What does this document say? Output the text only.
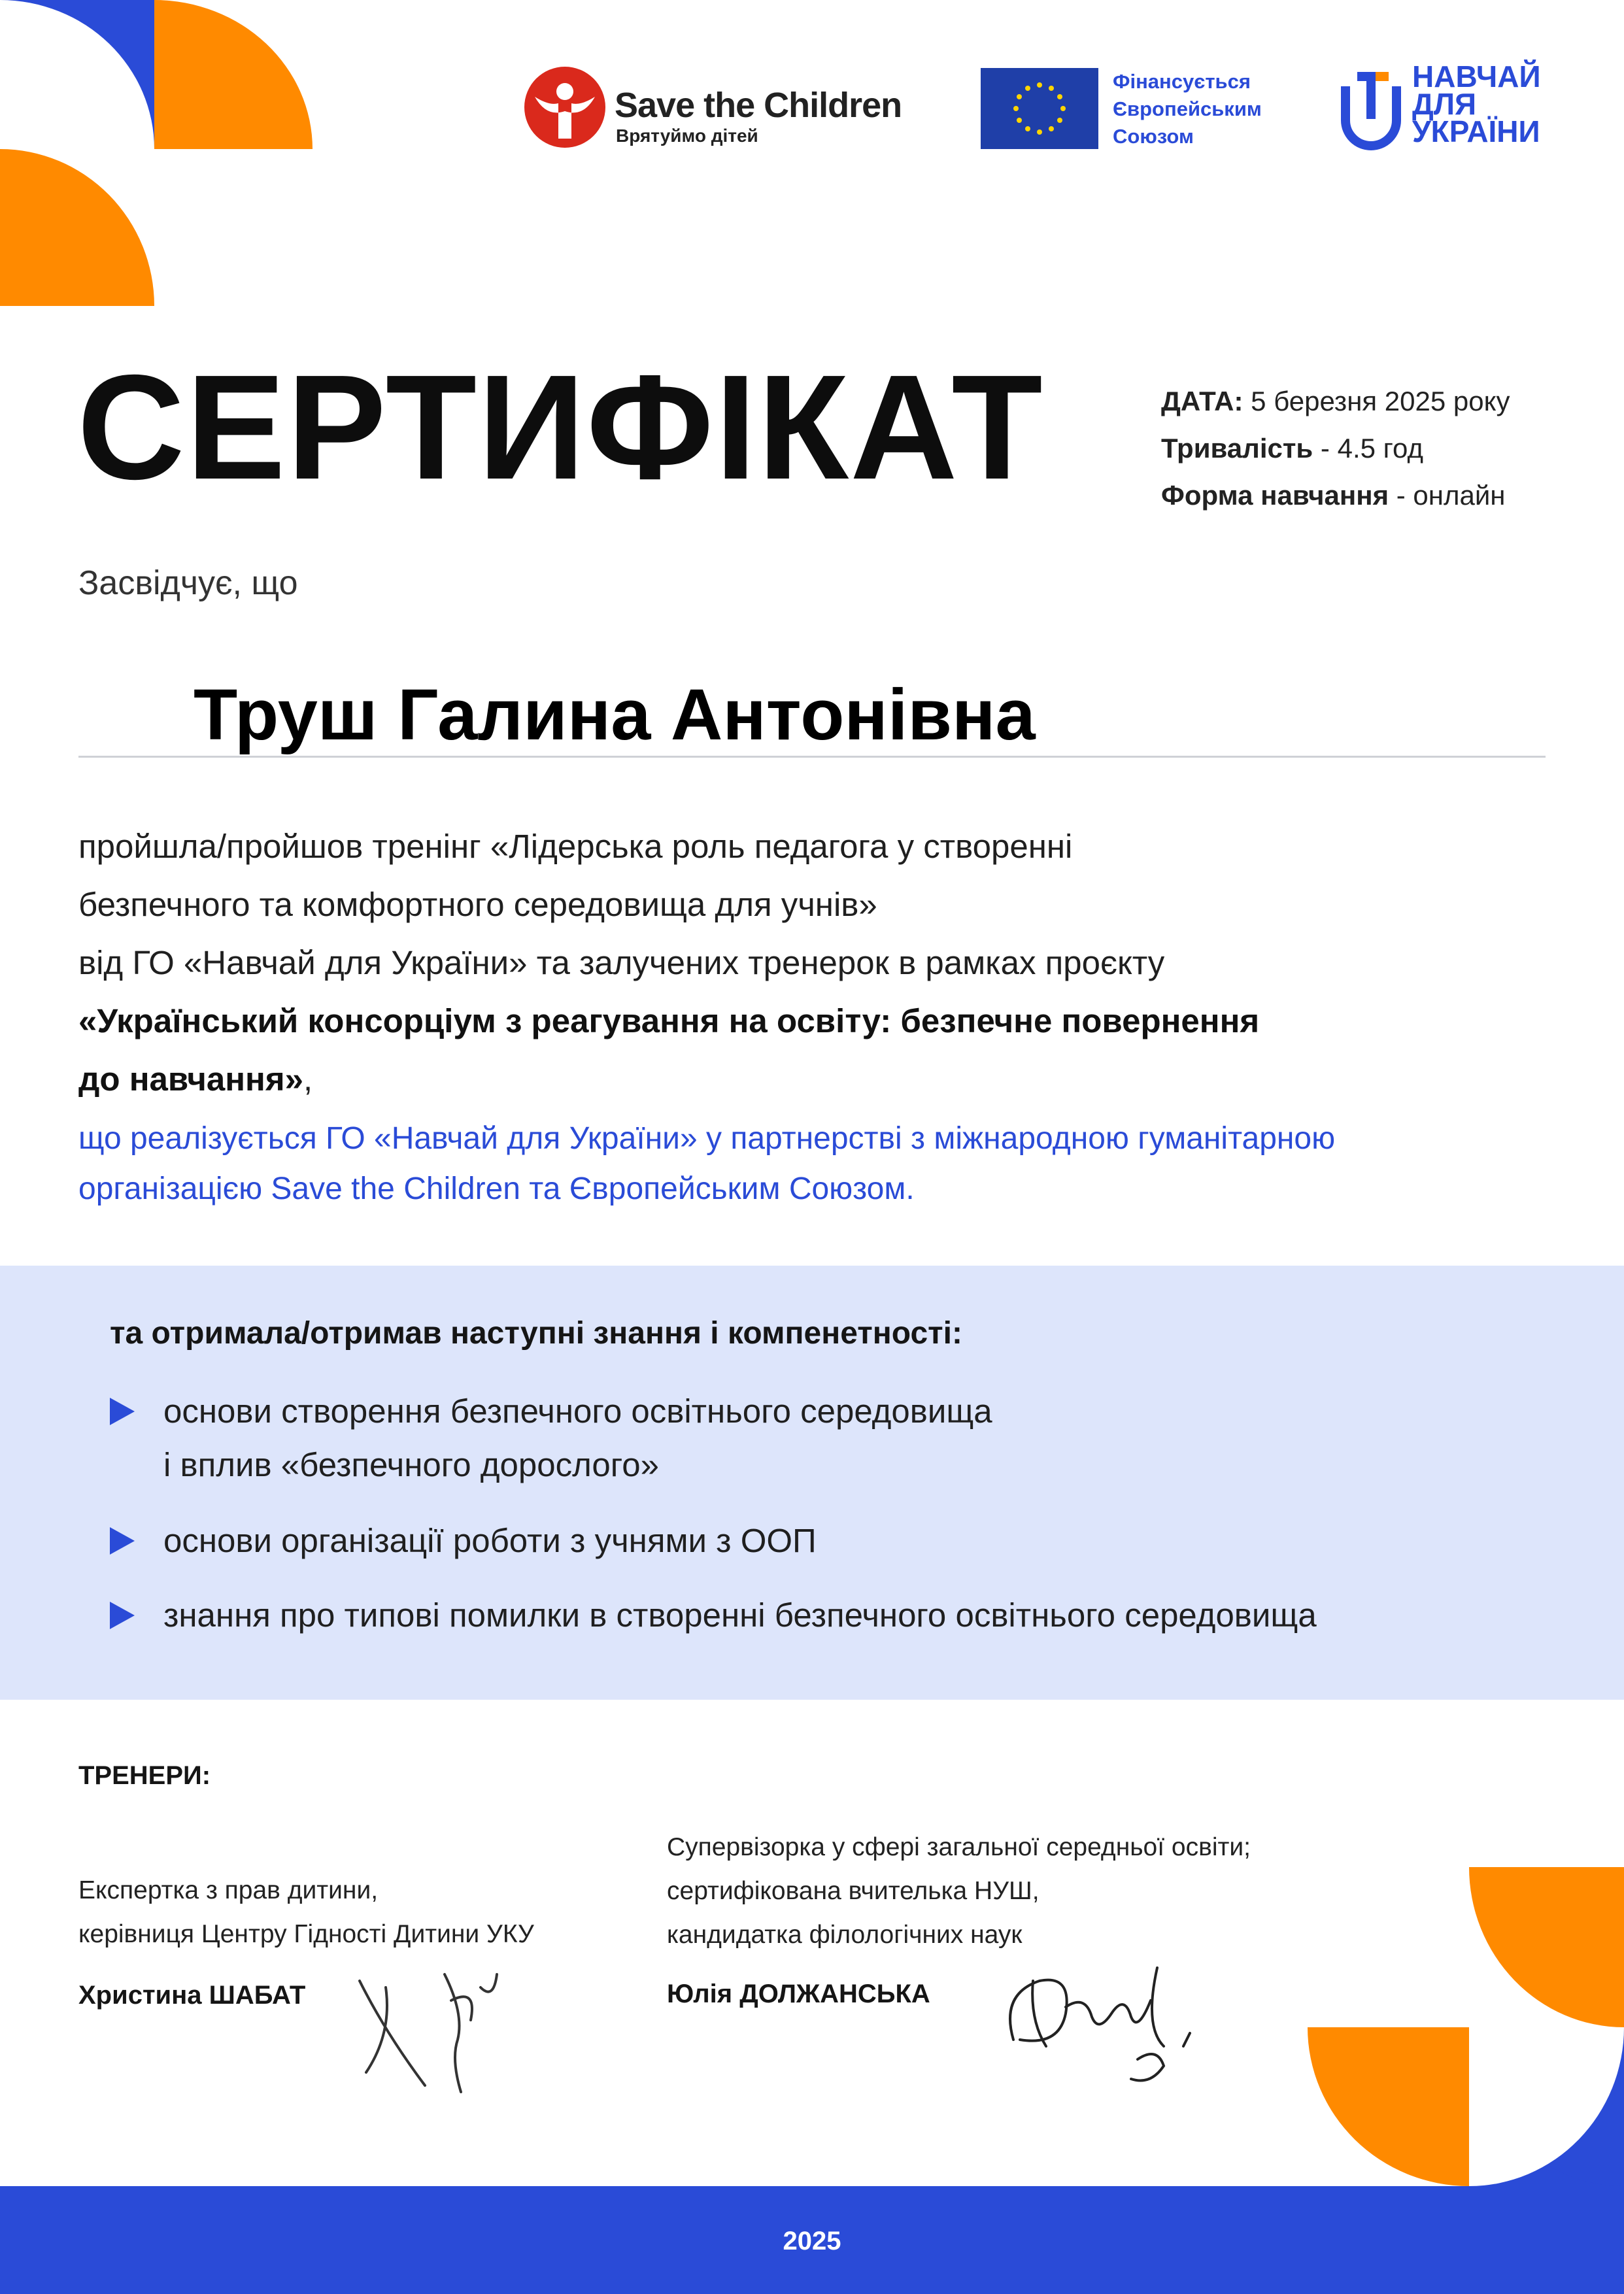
Save the Children
Врятуймо дітей
Фінансується
Європейським
Союзом
НАВЧАЙ
ДЛЯ
УКРАЇНИ
СЕРТИФІКАТ	ДАТА: 5 березня 2025 року
Тривалість - 4.5 год
Форма навчання - онлайн
Засвідчує, що
Труш Галина Антонівна
пройшла/пройшов тренінг «Лідерська роль педагога у створенні
безпечного та комфортного середовища для учнів»
від ГО «Навчай для України» та залучених тренерок в рамках проєкту
«Український консорціум з реагування на освіту: безпечне повернення
до навчання»,
що реалізується ГО «Навчай для України» у партнерстві з міжнародною гуманітарною
організацією Save the Children та Європейським Союзом.
та отримала/отримав наступні знання і компенетності:
основи створення безпечного освітнього середовища
і вплив «безпечного дорослого»
основи організації роботи з учнями з ООП
знання про типові помилки в створенні безпечного освітнього середовища
ТРЕНЕРИ:
Експертка з прав дитини,
керівниця Центру Гідності Дитини УКУ
Христина ШАБАТ
Супервізорка у сфері загальної середньої освіти;
сертифікована вчителька НУШ,
кандидатка філологічних наук
Юлія ДОЛЖАНСЬКА
2025
